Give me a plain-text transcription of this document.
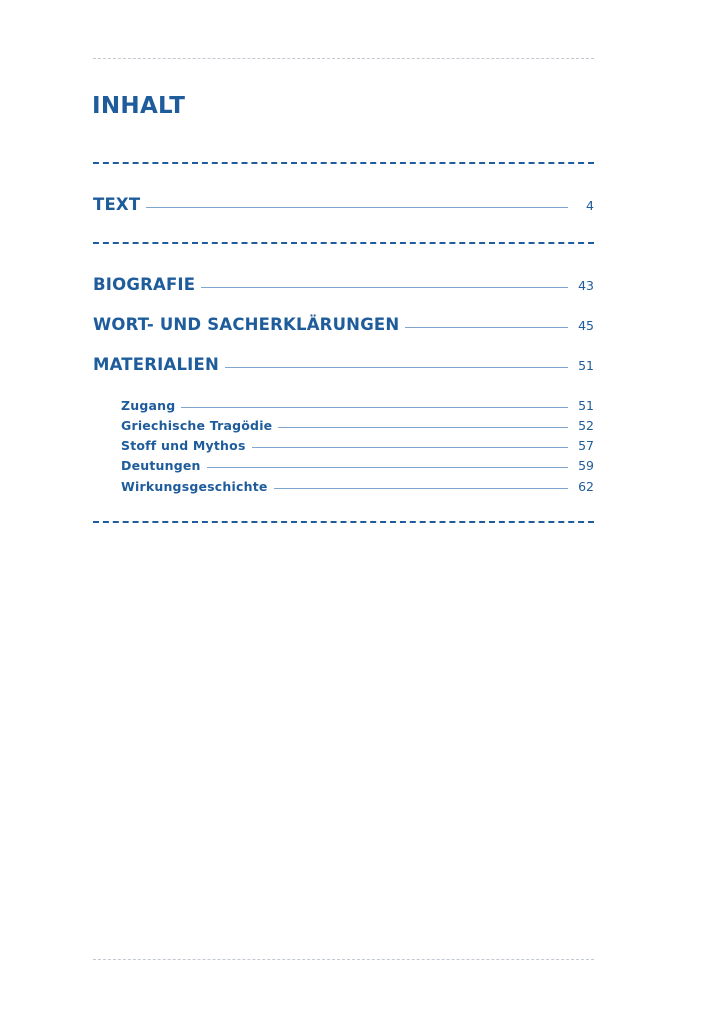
INHALT
TEXT	4
BIOGRAFIE	43
WORT- UND SACHERKLÄRUNGEN	45
MATERIALIEN	51
Zugang	51
Griechische Tragödie	52
Stoff und Mythos	57
Deutungen	59
Wirkungsgeschichte	62
